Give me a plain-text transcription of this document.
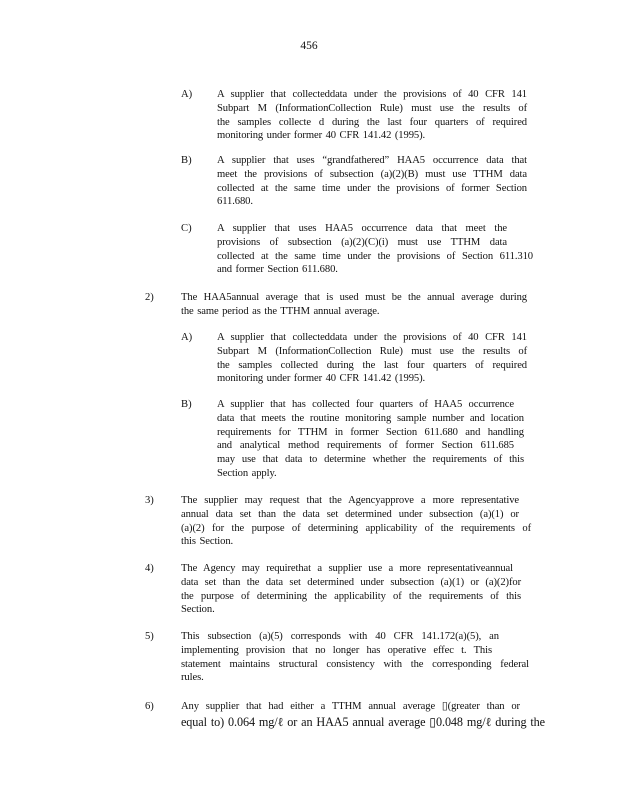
456
A) A supplier that collecteddata under the provisions of 40 CFR 141
Subpart M (InformationCollection Rule) must use the results of
the samples collecte d during the last four quarters of required
monitoring under former 40 CFR 141.42 (1995).
B) A supplier that uses “grandfathered” HAA5 occurrence data that
meet the provisions of subsection (a)(2)(B) must use TTHM data
collected at the same time under the provisions of former Section
611.680.
C) A supplier that uses HAA5 occurrence data that meet the
provisions of subsection (a)(2)(C)(i) must use TTHM data
collected at the same time under the provisions of Section 611.310
and former Section 611.680.
2)	The HAA5annual average that is used must be the annual average during
the same period as the TTHM annual average.
A) A supplier that collecteddata under the provisions of 40 CFR 141
Subpart M (InformationCollection Rule) must use the results of
the samples collected during the last four quarters of required
monitoring under former 40 CFR 141.42 (1995).
B) A supplier that has collected four quarters of HAA5 occurrence
data that meets the routine monitoring sample number and location
requirements for TTHM in former Section 611.680 and handling
and analytical method requirements of former Section 611.685
may use that data to determine whether the requirements of this
Section apply.
3)	The supplier may request that the Agencyapprove a more representative
annual data set than the data set determined under subsection (a)(1) or
(a)(2) for the purpose of determining applicability of the requirements of
this Section.
4)	The Agency may requirethat a supplier use a more representativeannual
data set than the data set determined under subsection (a)(1) or (a)(2)for
the purpose of determining the applicability of the requirements of this
Section.
5)	This subsection (a)(5) corresponds with 40 CFR 141.172(a)(5), an
implementing provision that no longer has operative effec t. This
statement maintains structural consistency with the corresponding federal
rules.
6)	Any supplier that had either a TTHM annual average ▯(greater than or
equal to) 0.064 mg/ℓ or an HAA5 annual average ▯0.048 mg/ℓ during the
